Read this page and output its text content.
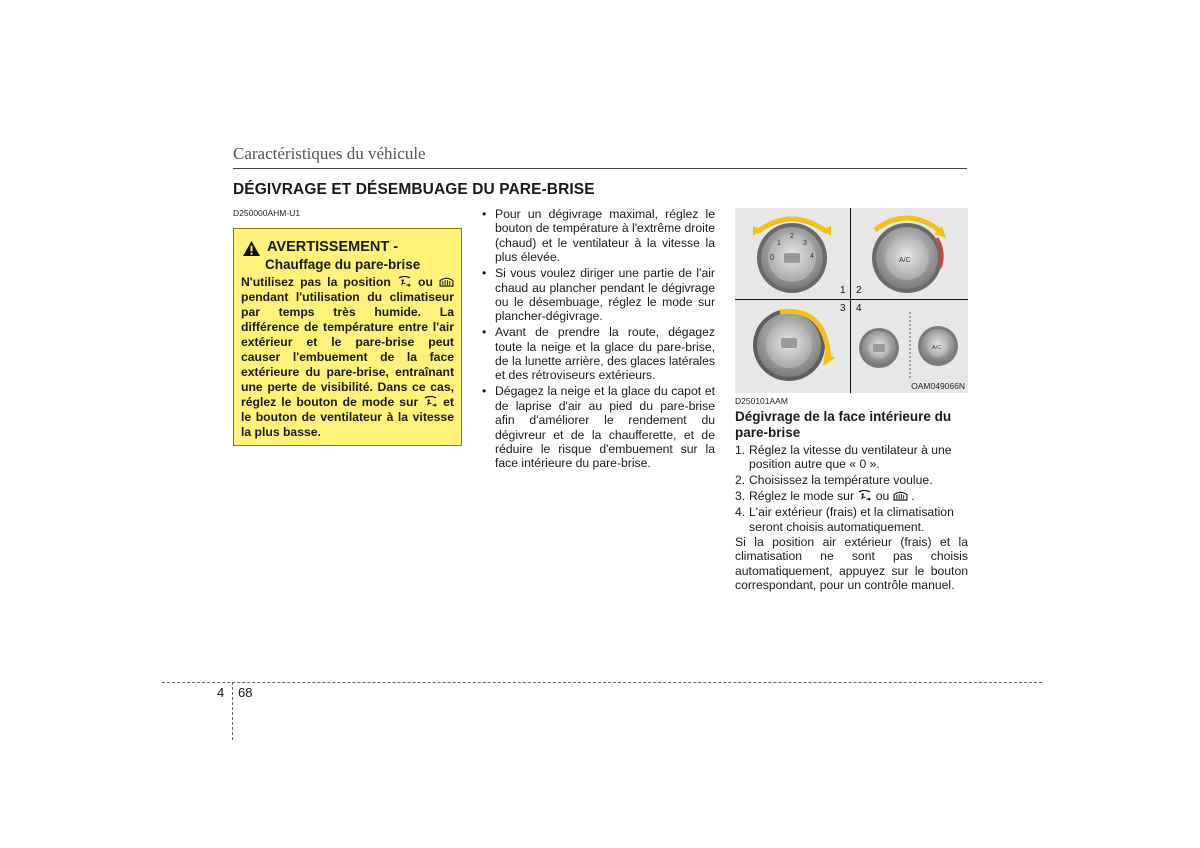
Caractéristiques du véhicule
DÉGIVRAGE ET DÉSEMBUAGE DU PARE-BRISE
D250000AHM-U1
AVERTISSEMENT -
Chauffage du pare-brise
N'utilisez pas la position ou  pendant l'utilisation du climatiseur par temps très humide. La différence de température entre l'air extérieur et le pare-brise peut causer l'embuement de la face extérieure du pare-brise, entraînant une perte de visibilité. Dans ce cas, réglez le bouton de mode sur et le bouton de ventilateur à la vitesse la plus basse.
• Pour un dégivrage maximal, réglez le bouton de température à l'extrême droite (chaud) et le ventilateur à la vitesse la plus élevée.
• Si vous voulez diriger une partie de l'air chaud au plancher pendant le dégivrage ou le désembuage, réglez le mode sur plancher-dégivrage.
• Avant de prendre la route, dégagez toute la neige et la glace du pare-brise, de la lunette arrière, des glaces latérales et des rétroviseurs extérieurs.
• Dégagez la neige et la glace du capot et de laprise d'air au pied du pare-brise afin d'améliorer le rendement du dégivreur et de la chaufferette, et de réduire le risque d'embuement sur la face intérieure du pare-brise.
0
1
2
3
4
A/C
A/C
1 2
3 4
OAM049066N
D250101AAM
Dégivrage de la face intérieure du pare-brise
1. Réglez la vitesse du ventilateur à une position autre que « 0 ».
2. Choisissez la température voulue.
3. Réglez le mode sur ou .
4. L'air extérieur (frais) et la climatisation seront choisis automatiquement.
Si la position air extérieur (frais) et la climatisation ne sont pas choisis automatiquement, appuyez sur le bouton correspondant, pour un contrôle manuel.
4 68
